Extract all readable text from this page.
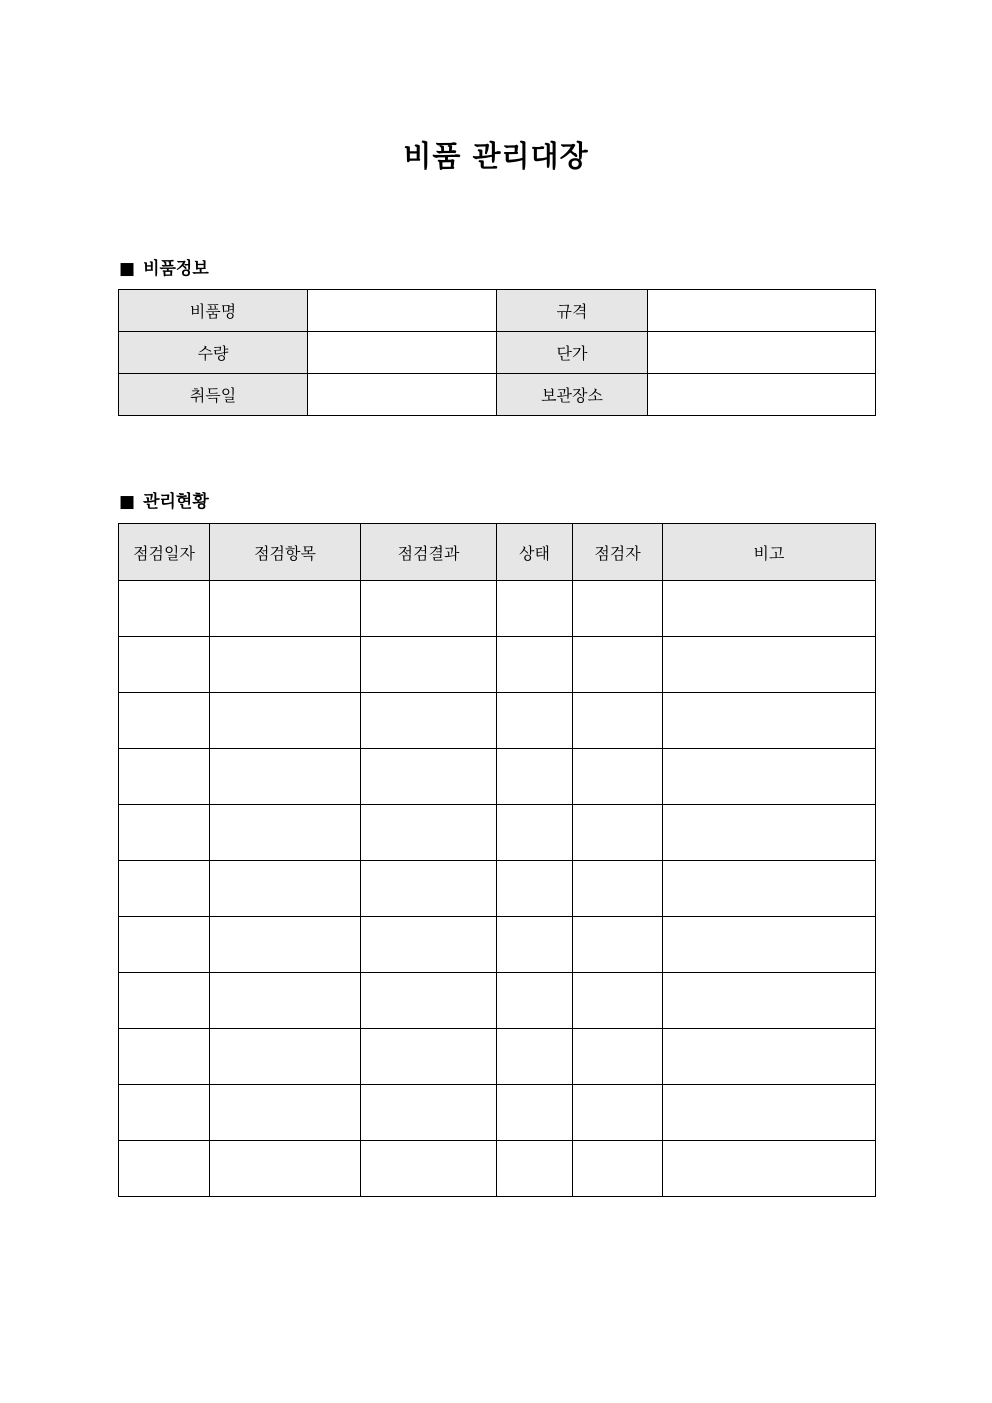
비품 관리대장
■ 비품정보
비품명		규격	
수량		단가	
취득일		보관장소	
■ 관리현황
점검일자	점검항목	점검결과	상태	점검자	비고
